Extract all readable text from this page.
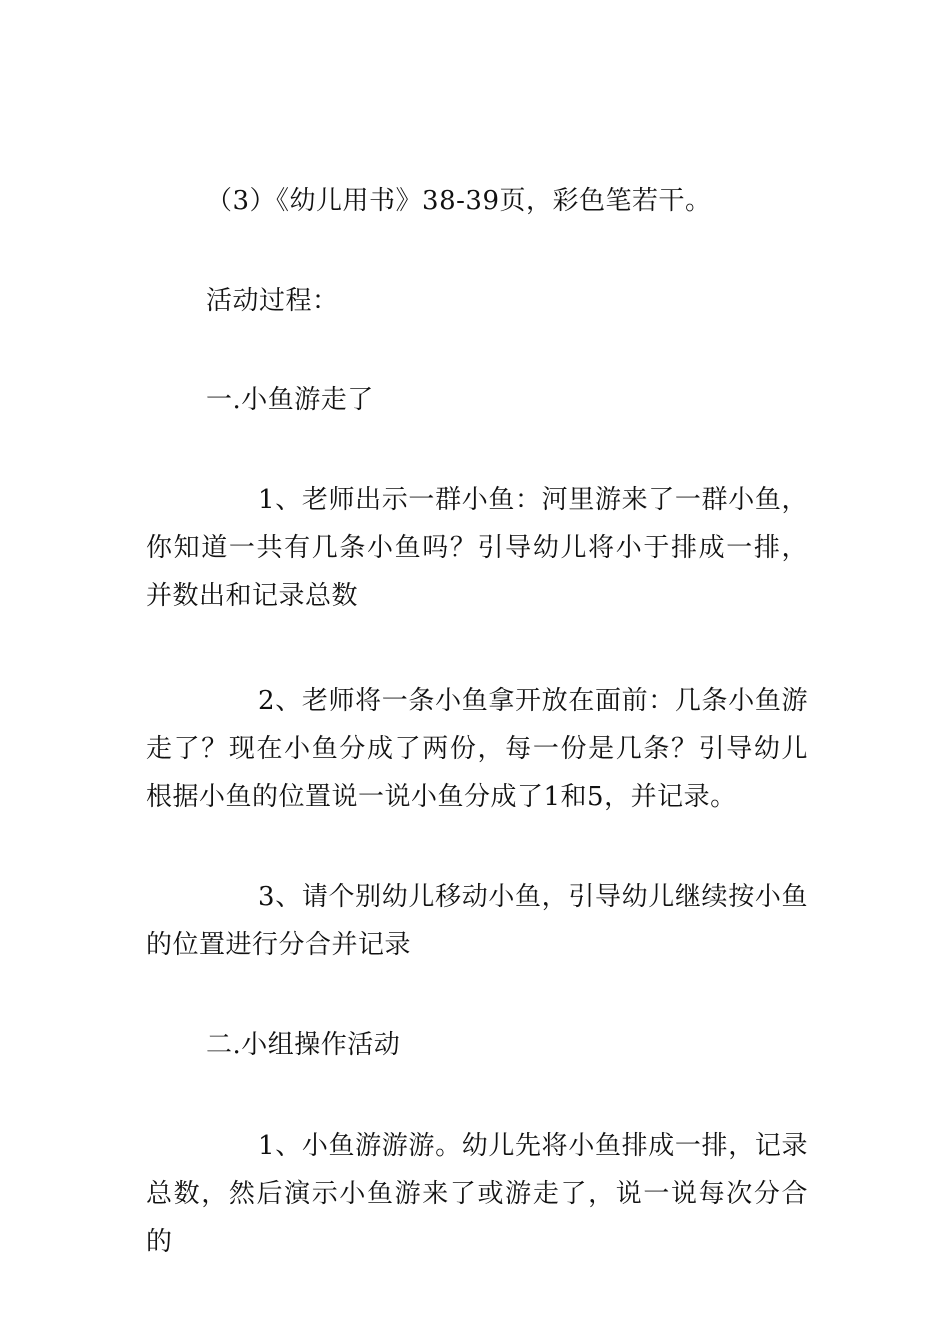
（3）《幼儿用书》38-39页，彩色笔若干。
活动过程：
一.小鱼游走了
1、老师出示一群小鱼：河里游来了一群小鱼，你知道一共有几条小鱼吗？引导幼儿将小于排成一排，并数出和记录总数
2、老师将一条小鱼拿开放在面前：几条小鱼游走了？现在小鱼分成了两份，每一份是几条？引导幼儿根据小鱼的位置说一说小鱼分成了1和5，并记录。
3、请个别幼儿移动小鱼，引导幼儿继续按小鱼的位置进行分合并记录
二.小组操作活动
1、小鱼游游游。幼儿先将小鱼排成一排，记录总数，然后演示小鱼游来了或游走了，说一说每次分合的
